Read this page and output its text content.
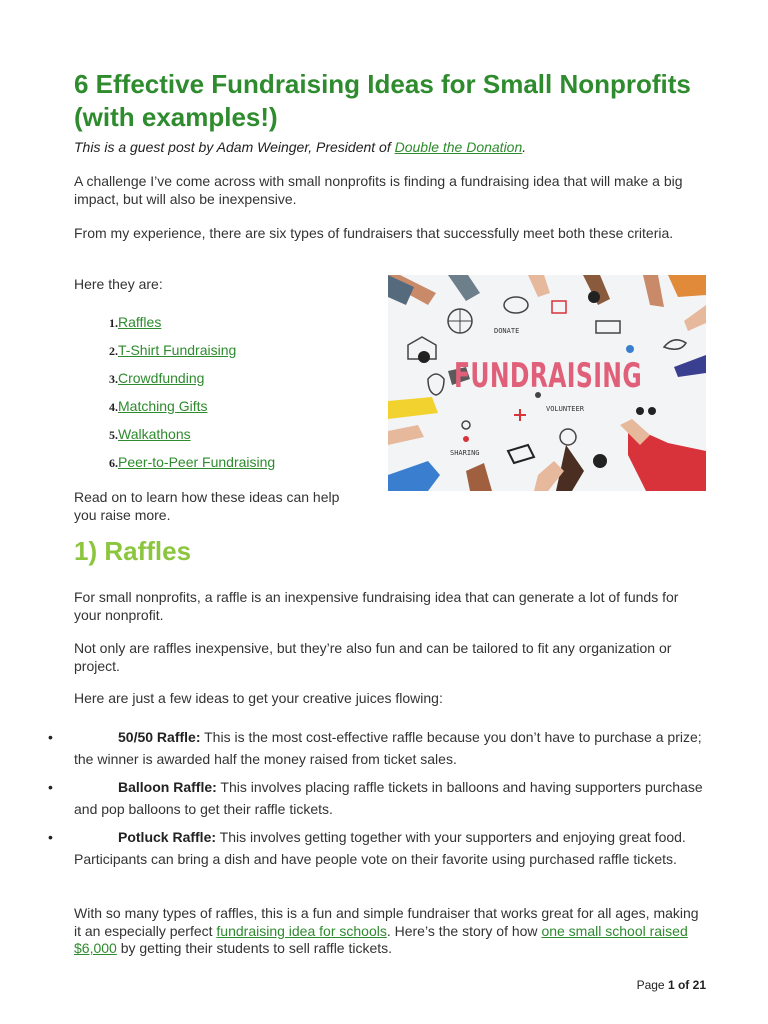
6 Effective Fundraising Ideas for Small Nonprofits (with examples!)

This is a guest post by Adam Weinger, President of Double the Donation.

A challenge I’ve come across with small nonprofits is finding a fundraising idea that will make a big impact, but will also be inexpensive.

From my experience, there are six types of fundraisers that successfully meet both these criteria.

Here they are:

1. Raffles
2. T-Shirt Fundraising
3. Crowdfunding
4. Matching Gifts
5. Walkathons
6. Peer-to-Peer Fundraising

Read on to learn how these ideas can help you raise more.

FUNDRAISING
DONATE
VOLUNTEER
SHARING
1) Raffles

For small nonprofits, a raffle is an inexpensive fundraising idea that can generate a lot of funds for your nonprofit.

Not only are raffles inexpensive, but they’re also fun and can be tailored to fit any organization or project.

Here are just a few ideas to get your creative juices flowing:

•	50/50 Raffle: This is the most cost-effective raffle because you don’t have to purchase a prize; the winner is awarded half the money raised from ticket sales.
•	Balloon Raffle: This involves placing raffle tickets in balloons and having supporters purchase and pop balloons to get their raffle tickets.
•	Potluck Raffle: This involves getting together with your supporters and enjoying great food. Participants can bring a dish and have people vote on their favorite using purchased raffle tickets.

With so many types of raffles, this is a fun and simple fundraiser that works great for all ages, making it an especially perfect fundraising idea for schools. Here’s the story of how one small school raised $6,000 by getting their students to sell raffle tickets.

Page 1 of 21
